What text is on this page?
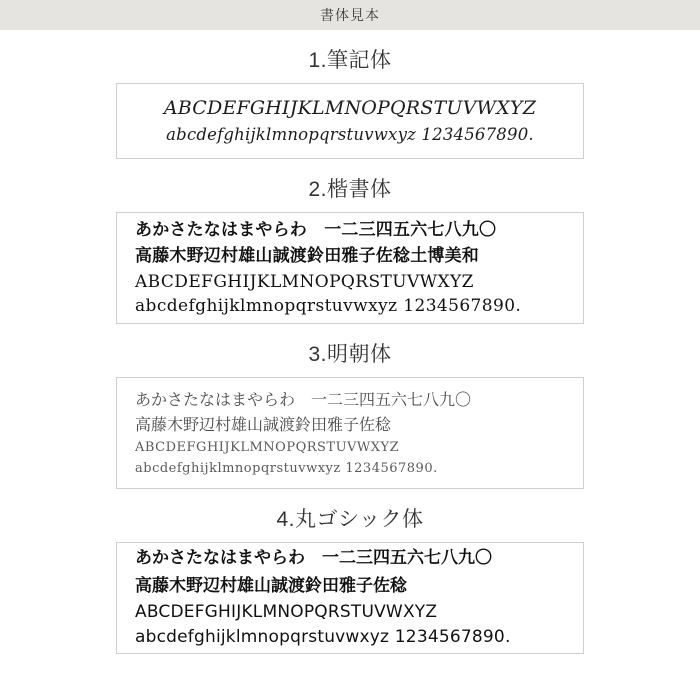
書体見本
1.筆記体
ABCDEFGHIJKLMNOPQRSTUVWXYZ
abcdefghijklmnopqrstuvwxyz 1234567890.
2.楷書体
あかさたなはまやらわ　一二三四五六七八九〇
高藤木野辺村雄山誠渡鈴田雅子佐稔土博美和
ABCDEFGHIJKLMNOPQRSTUVWXYZ
abcdefghijklmnopqrstuvwxyz 1234567890.
3.明朝体
あかさたなはまやらわ　一二三四五六七八九〇
高藤木野辺村雄山誠渡鈴田雅子佐稔
ABCDEFGHIJKLMNOPQRSTUVWXYZ
abcdefghijklmnopqrstuvwxyz 1234567890.
4.丸ゴシック体
あかさたなはまやらわ　一二三四五六七八九〇
高藤木野辺村雄山誠渡鈴田雅子佐稔
ABCDEFGHIJKLMNOPQRSTUVWXYZ
abcdefghijklmnopqrstuvwxyz 1234567890.
